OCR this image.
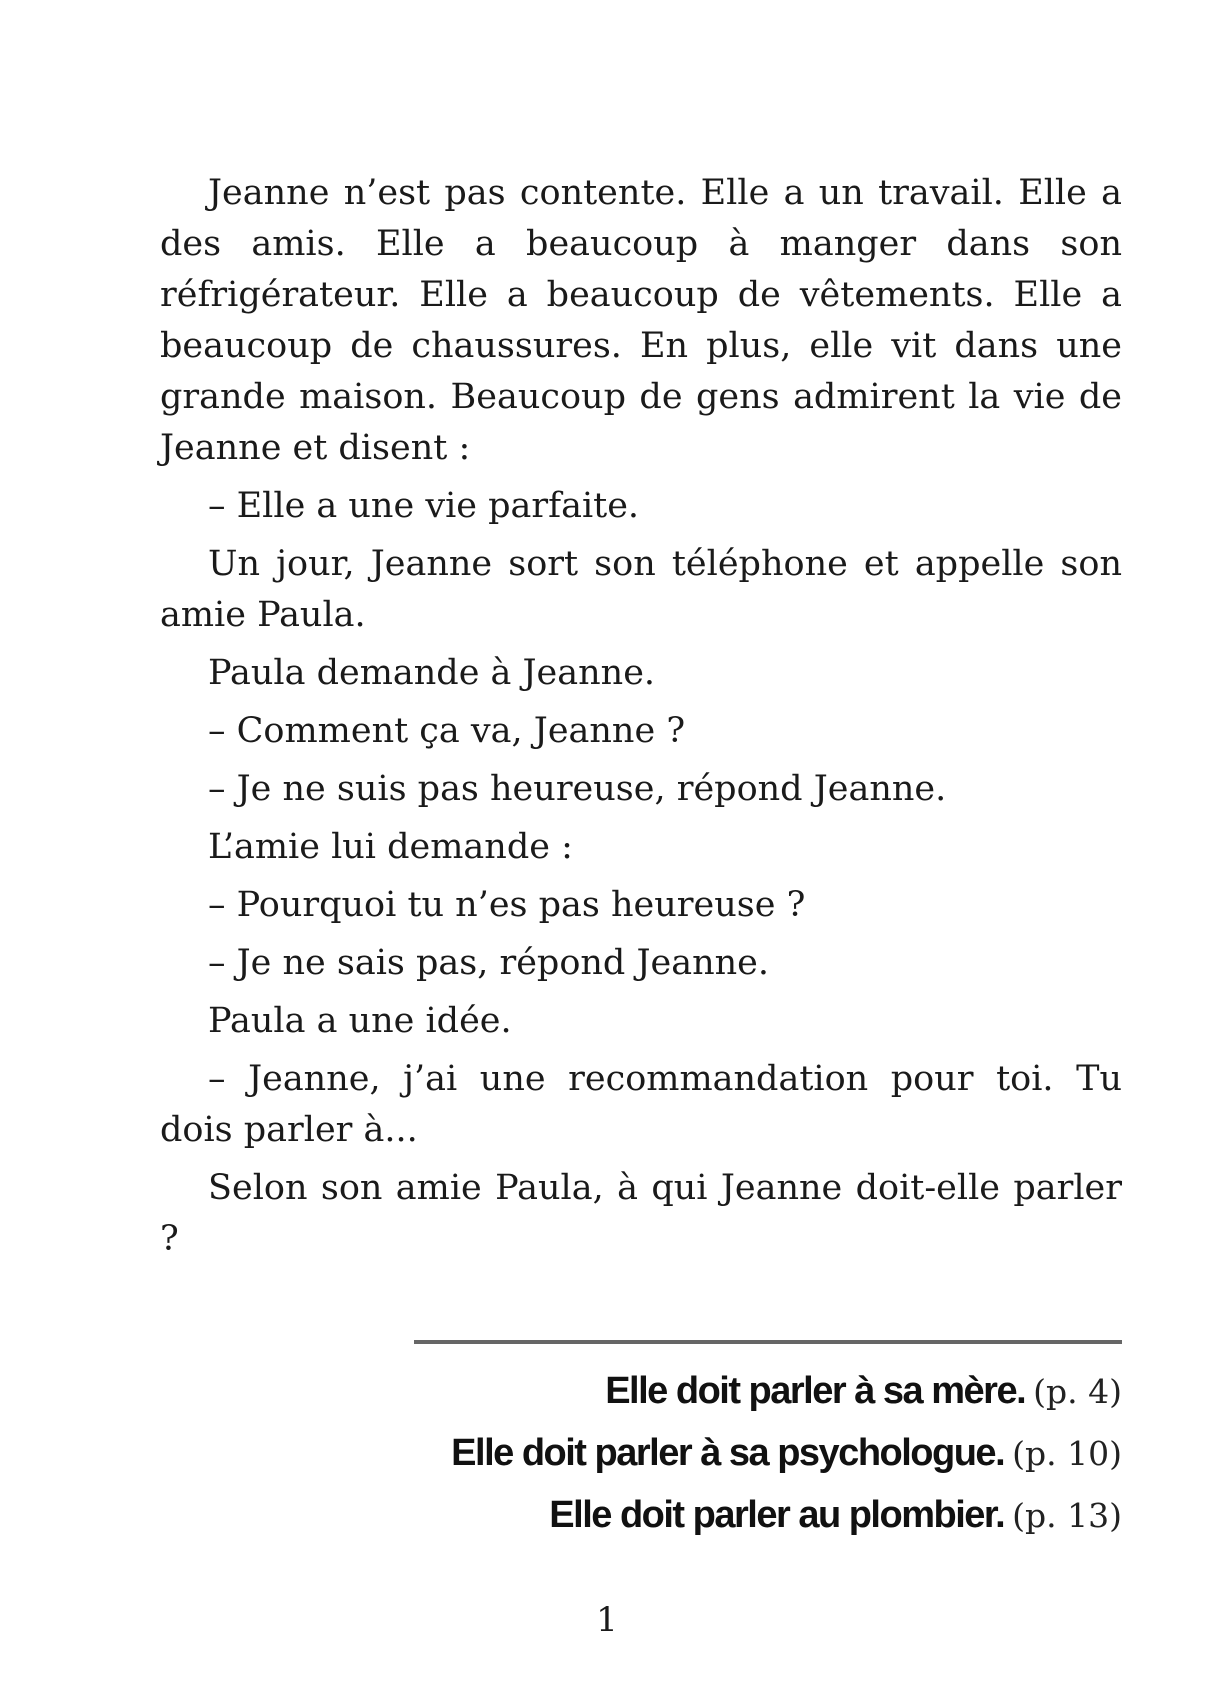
Jeanne n’est pas contente. Elle a un travail. Elle a des amis. Elle a beaucoup à manger dans son réfrigérateur. Elle a beaucoup de vêtements. Elle a beaucoup de chaussures. En plus, elle vit dans une grande maison. Beaucoup de gens admirent la vie de Jeanne et disent :

– Elle a une vie parfaite.

Un jour, Jeanne sort son téléphone et appelle son amie Paula.

Paula demande à Jeanne.

– Comment ça va, Jeanne ?

– Je ne suis pas heureuse, répond Jeanne.

L’amie lui demande :

– Pourquoi tu n’es pas heureuse ?

– Je ne sais pas, répond Jeanne.

Paula a une idée.

– Jeanne, j’ai une recommandation pour toi. Tu dois parler à...

Selon son amie Paula, à qui Jeanne doit-elle parler ?

Elle doit parler à sa mère. (p. 4)
Elle doit parler à sa psychologue. (p. 10)
Elle doit parler au plombier. (p. 13)
1
